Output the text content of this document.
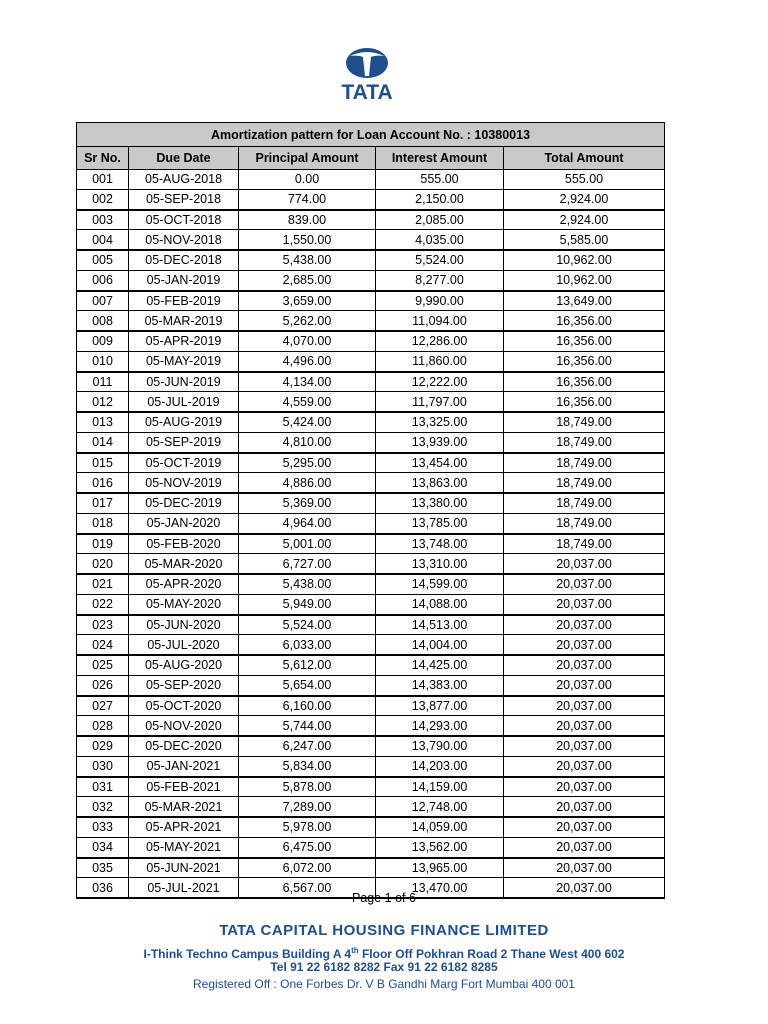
TATA
Amortization pattern for Loan Account No. : 10380013				
Sr No.	Due Date	Principal Amount	Interest Amount	Total Amount
001	05-AUG-2018	0.00	555.00	555.00
002	05-SEP-2018	774.00	2,150.00	2,924.00
003	05-OCT-2018	839.00	2,085.00	2,924.00
004	05-NOV-2018	1,550.00	4,035.00	5,585.00
005	05-DEC-2018	5,438.00	5,524.00	10,962.00
006	05-JAN-2019	2,685.00	8,277.00	10,962.00
007	05-FEB-2019	3,659.00	9,990.00	13,649.00
008	05-MAR-2019	5,262.00	11,094.00	16,356.00
009	05-APR-2019	4,070.00	12,286.00	16,356.00
010	05-MAY-2019	4,496.00	11,860.00	16,356.00
011	05-JUN-2019	4,134.00	12,222.00	16,356.00
012	05-JUL-2019	4,559.00	11,797.00	16,356.00
013	05-AUG-2019	5,424.00	13,325.00	18,749.00
014	05-SEP-2019	4,810.00	13,939.00	18,749.00
015	05-OCT-2019	5,295.00	13,454.00	18,749.00
016	05-NOV-2019	4,886.00	13,863.00	18,749.00
017	05-DEC-2019	5,369.00	13,380.00	18,749.00
018	05-JAN-2020	4,964.00	13,785.00	18,749.00
019	05-FEB-2020	5,001.00	13,748.00	18,749.00
020	05-MAR-2020	6,727.00	13,310.00	20,037.00
021	05-APR-2020	5,438.00	14,599.00	20,037.00
022	05-MAY-2020	5,949.00	14,088.00	20,037.00
023	05-JUN-2020	5,524.00	14,513.00	20,037.00
024	05-JUL-2020	6,033.00	14,004.00	20,037.00
025	05-AUG-2020	5,612.00	14,425.00	20,037.00
026	05-SEP-2020	5,654.00	14,383.00	20,037.00
027	05-OCT-2020	6,160.00	13,877.00	20,037.00
028	05-NOV-2020	5,744.00	14,293.00	20,037.00
029	05-DEC-2020	6,247.00	13,790.00	20,037.00
030	05-JAN-2021	5,834.00	14,203.00	20,037.00
031	05-FEB-2021	5,878.00	14,159.00	20,037.00
032	05-MAR-2021	7,289.00	12,748.00	20,037.00
033	05-APR-2021	5,978.00	14,059.00	20,037.00
034	05-MAY-2021	6,475.00	13,562.00	20,037.00
035	05-JUN-2021	6,072.00	13,965.00	20,037.00
036	05-JUL-2021	6,567.00	13,470.00	20,037.00
Page 1 of 6
TATA CAPITAL HOUSING FINANCE LIMITED
I-Think Techno Campus Building A 4th Floor Off Pokhran Road 2 Thane West 400 602
Tel 91 22 6182 8282 Fax 91 22 6182 8285
Registered Off : One Forbes Dr. V B Gandhi Marg Fort Mumbai 400 001
